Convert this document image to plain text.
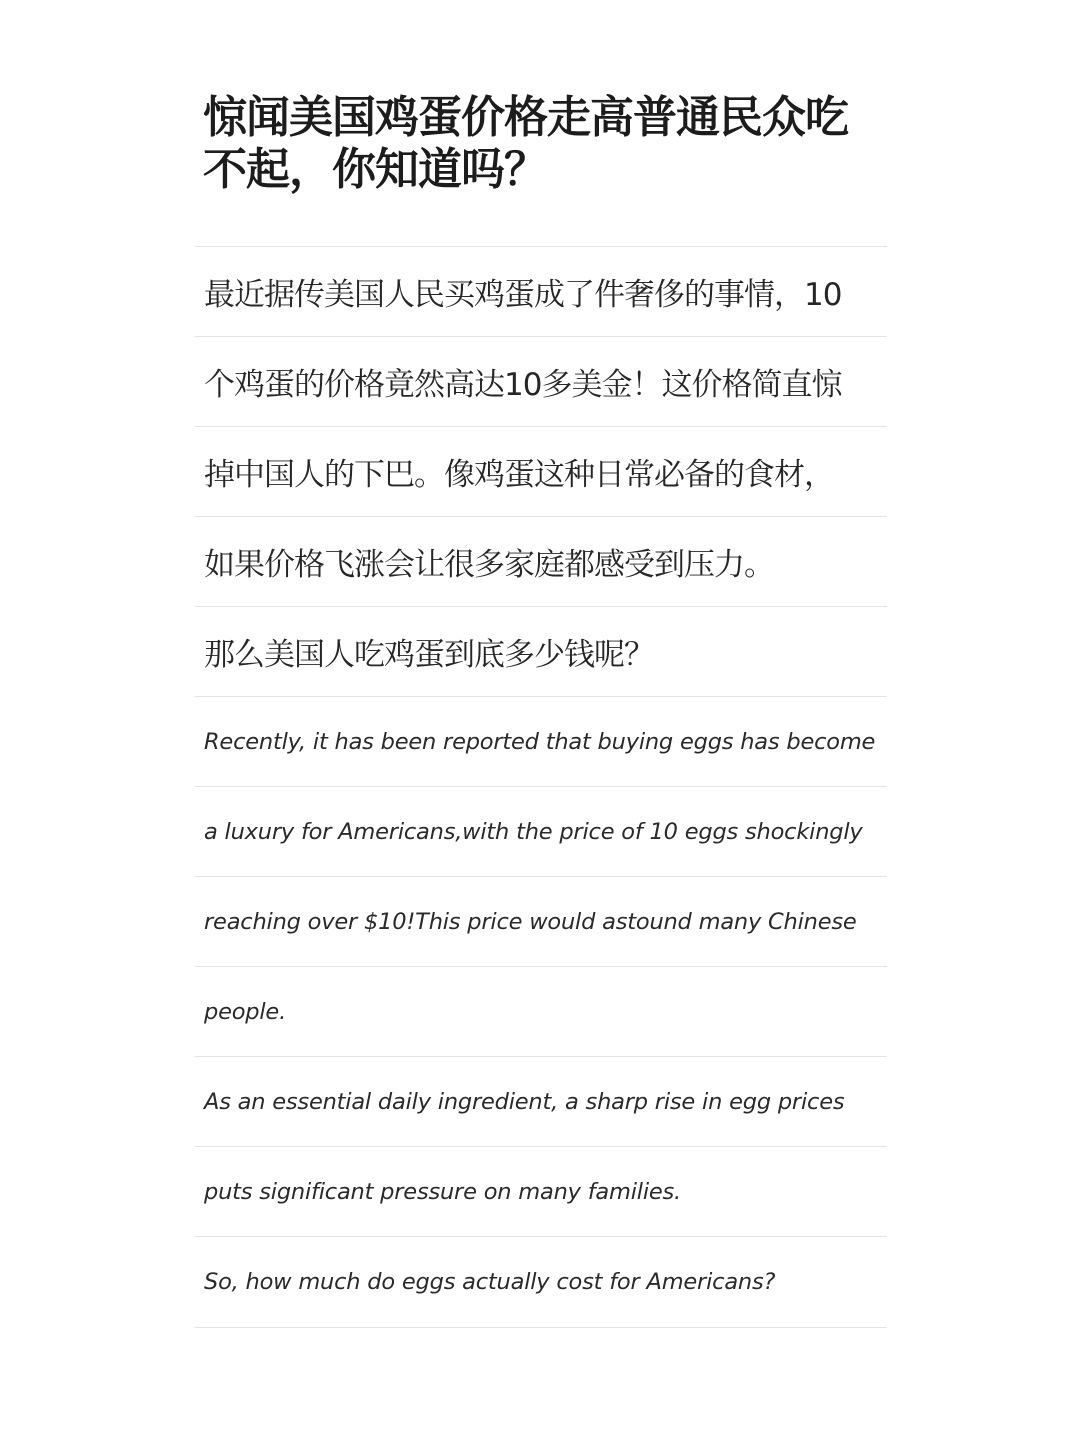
惊闻美国鸡蛋价格走高普通民众吃不起，你知道吗？
最近据传美国人民买鸡蛋成了件奢侈的事情，10
个鸡蛋的价格竟然高达10多美金！这价格简直惊
掉中国人的下巴。像鸡蛋这种日常必备的食材，
如果价格飞涨会让很多家庭都感受到压力。
那么美国人吃鸡蛋到底多少钱呢？
Recently, it has been reported that buying eggs has become
a luxury for Americans,with the price of 10 eggs shockingly
reaching over $10!This price would astound many Chinese
people.
As an essential daily ingredient, a sharp rise in egg prices
puts significant pressure on many families.
So, how much do eggs actually cost for Americans?
